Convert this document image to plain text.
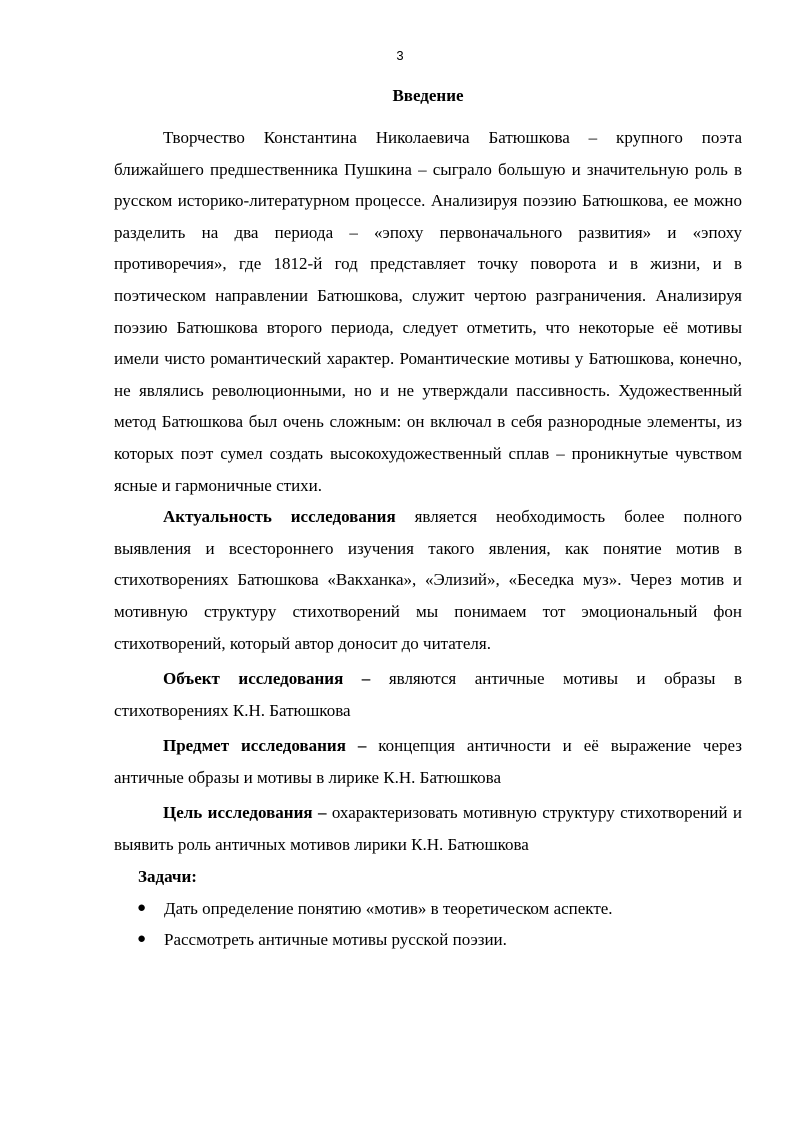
3
Введение

Творчество Константина Николаевича Батюшкова – крупного поэта ближайшего предшественника Пушкина – сыграло большую и значительную роль в русском историко-литературном процессе. Анализируя поэзию Батюшкова, ее можно разделить на два периода – «эпоху первоначального развития» и «эпоху противоречия», где 1812-й год представляет точку поворота и в жизни, и в поэтическом направлении Батюшкова, служит чертою разграничения. Анализируя поэзию Батюшкова второго периода, следует отметить, что некоторые её мотивы имели чисто романтический характер. Романтические мотивы у Батюшкова, конечно, не являлись революционными, но и не утверждали пассивность. Художественный метод Батюшкова был очень сложным: он включал в себя разнородные элементы, из которых поэт сумел создать высокохудожественный сплав – проникнутые чувством ясные и гармоничные стихи.

Актуальность исследования является необходимость более полного выявления и всестороннего изучения такого явления, как понятие мотив в стихотворениях Батюшкова «Вакханка», «Элизий», «Беседка муз». Через мотив и мотивную структуру стихотворений мы понимаем тот эмоциональный фон стихотворений, который автор доносит до читателя.

Объект исследования – являются античные мотивы и образы в стихотворениях К.Н. Батюшкова

Предмет исследования – концепция античности и её выражение через античные образы и мотивы в лирике К.Н. Батюшкова

Цель исследования – охарактеризовать мотивную структуру стихотворений и выявить роль античных мотивов лирики К.Н. Батюшкова

Задачи:
● Дать определение понятию «мотив» в теоретическом аспекте.
● Рассмотреть античные мотивы русской поэзии.
